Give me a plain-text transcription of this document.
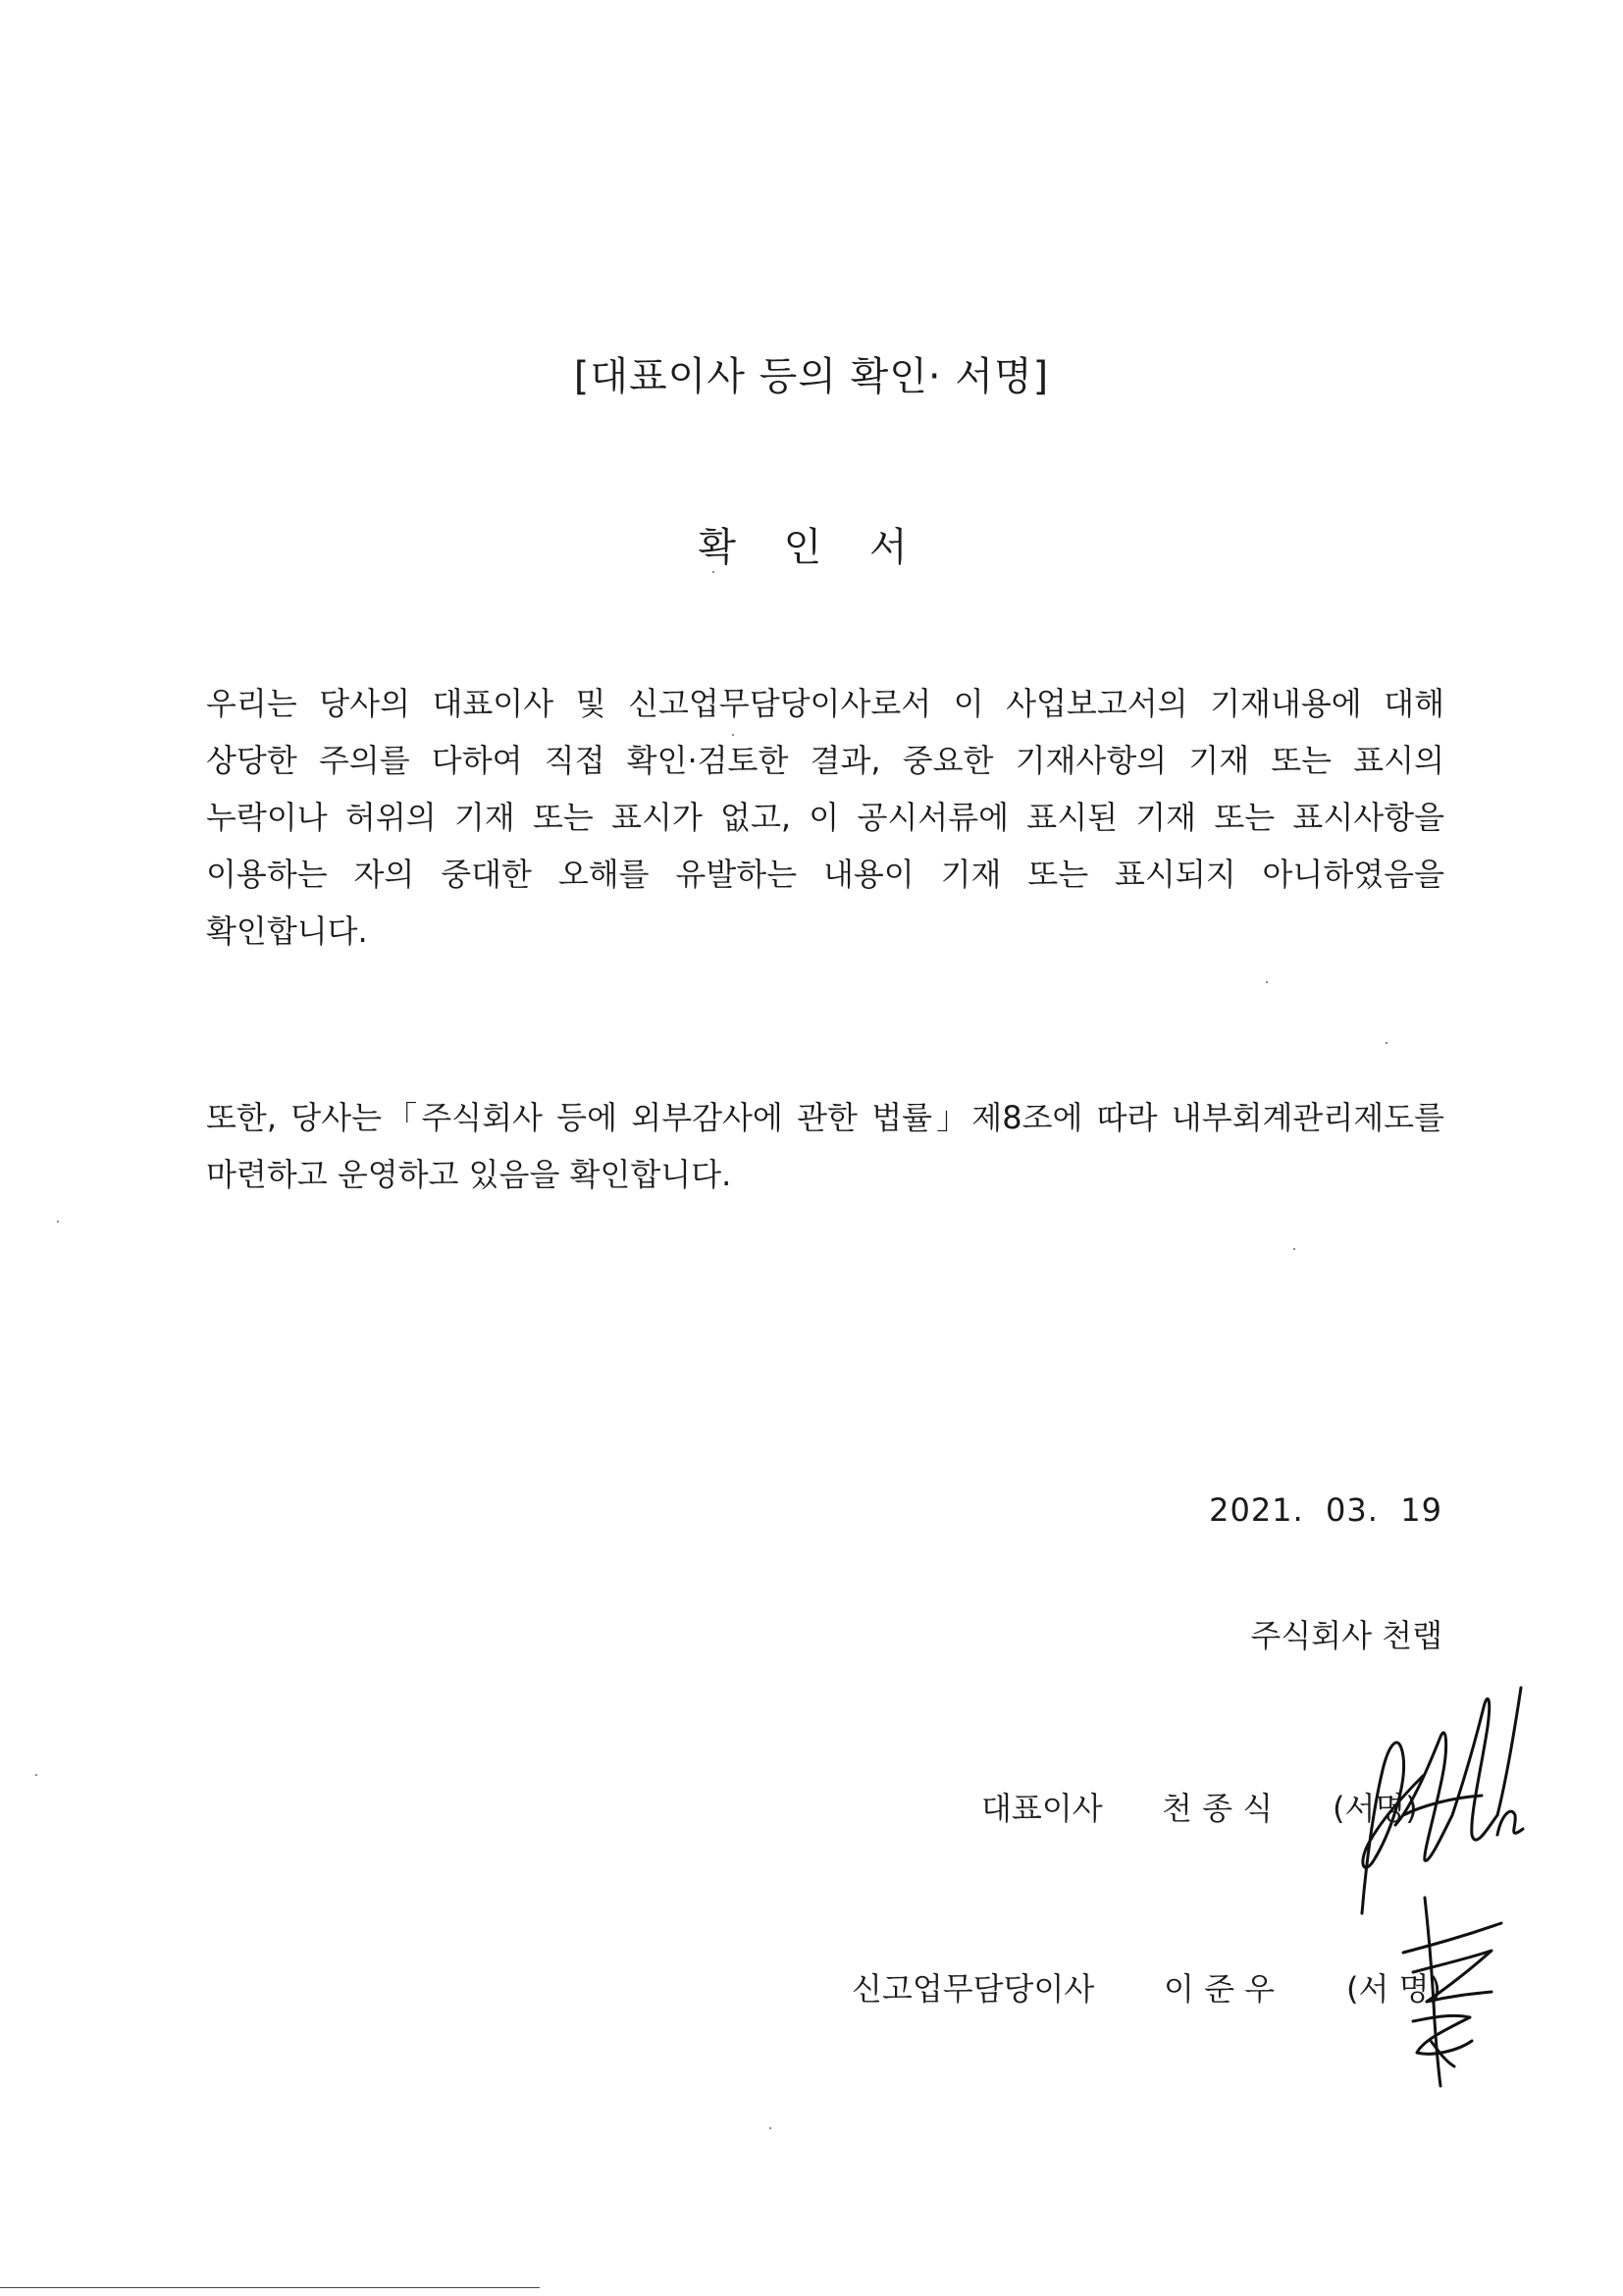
[대표이사 등의 확인· 서명]
확 인 서
우리는 당사의 대표이사 및 신고업무담당이사로서 이 사업보고서의 기재내용에 대해 상당한 주의를 다하여 직접 확인·검토한 결과, 중요한 기재사항의 기재 또는 표시의 누락이나 허위의 기재 또는 표시가 없고, 이 공시서류에 표시된 기재 또는 표시사항을 이용하는 자의 중대한 오해를 유발하는 내용이 기재 또는 표시되지 아니하였음을 확인합니다.
또한, 당사는「주식회사 등에 외부감사에 관한 법률」제8조에 따라 내부회계관리제도를 마련하고 운영하고 있음을 확인합니다.
2021.  03.  19
주식회사 천랩
대표이사 천 종 식 (서명)
신고업무담당이사 이 준 우 (서 명)
